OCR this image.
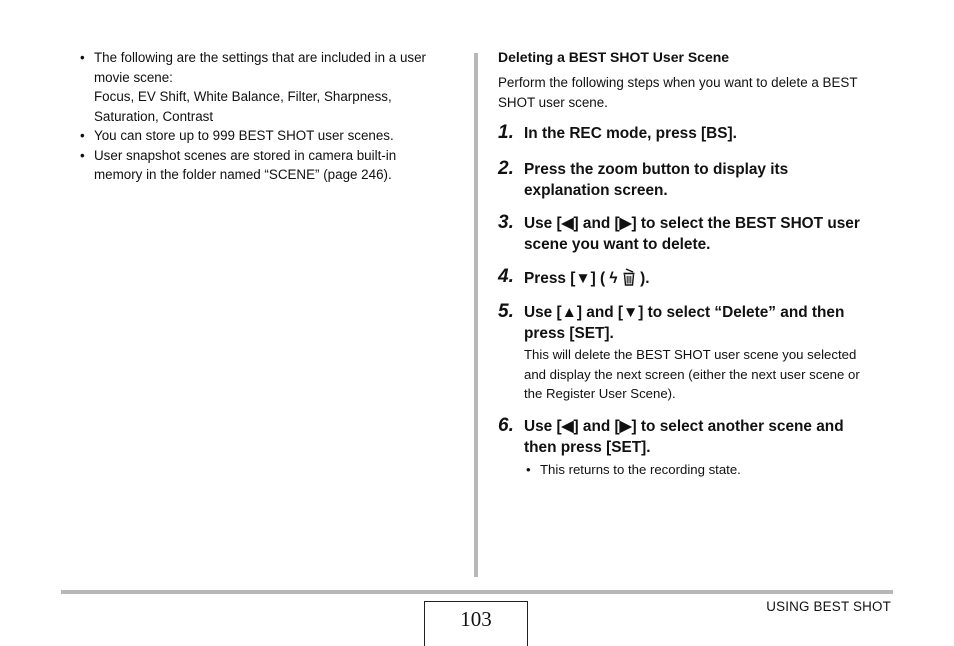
• The following are the settings that are included in a user
movie scene:
Focus, EV Shift, White Balance, Filter, Sharpness,
Saturation, Contrast
• You can store up to 999 BEST SHOT user scenes.
• User snapshot scenes are stored in camera built-in
memory in the folder named “SCENE” (page 246).
Deleting a BEST SHOT User Scene
Perform the following steps when you want to delete a BEST
SHOT user scene.
1. In the REC mode, press [BS].
2. Press the zoom button to display its
explanation screen.
3. Use [◀] and [▶] to select the BEST SHOT user
scene you want to delete.
4. Press [▼] ( ϟ  ).
5. Use [▲] and [▼] to select “Delete” and then
press [SET].
This will delete the BEST SHOT user scene you selected
and display the next screen (either the next user scene or
the Register User Scene).
6. Use [◀] and [▶] to select another scene and
then press [SET].
• This returns to the recording state.
103
USING BEST SHOT
